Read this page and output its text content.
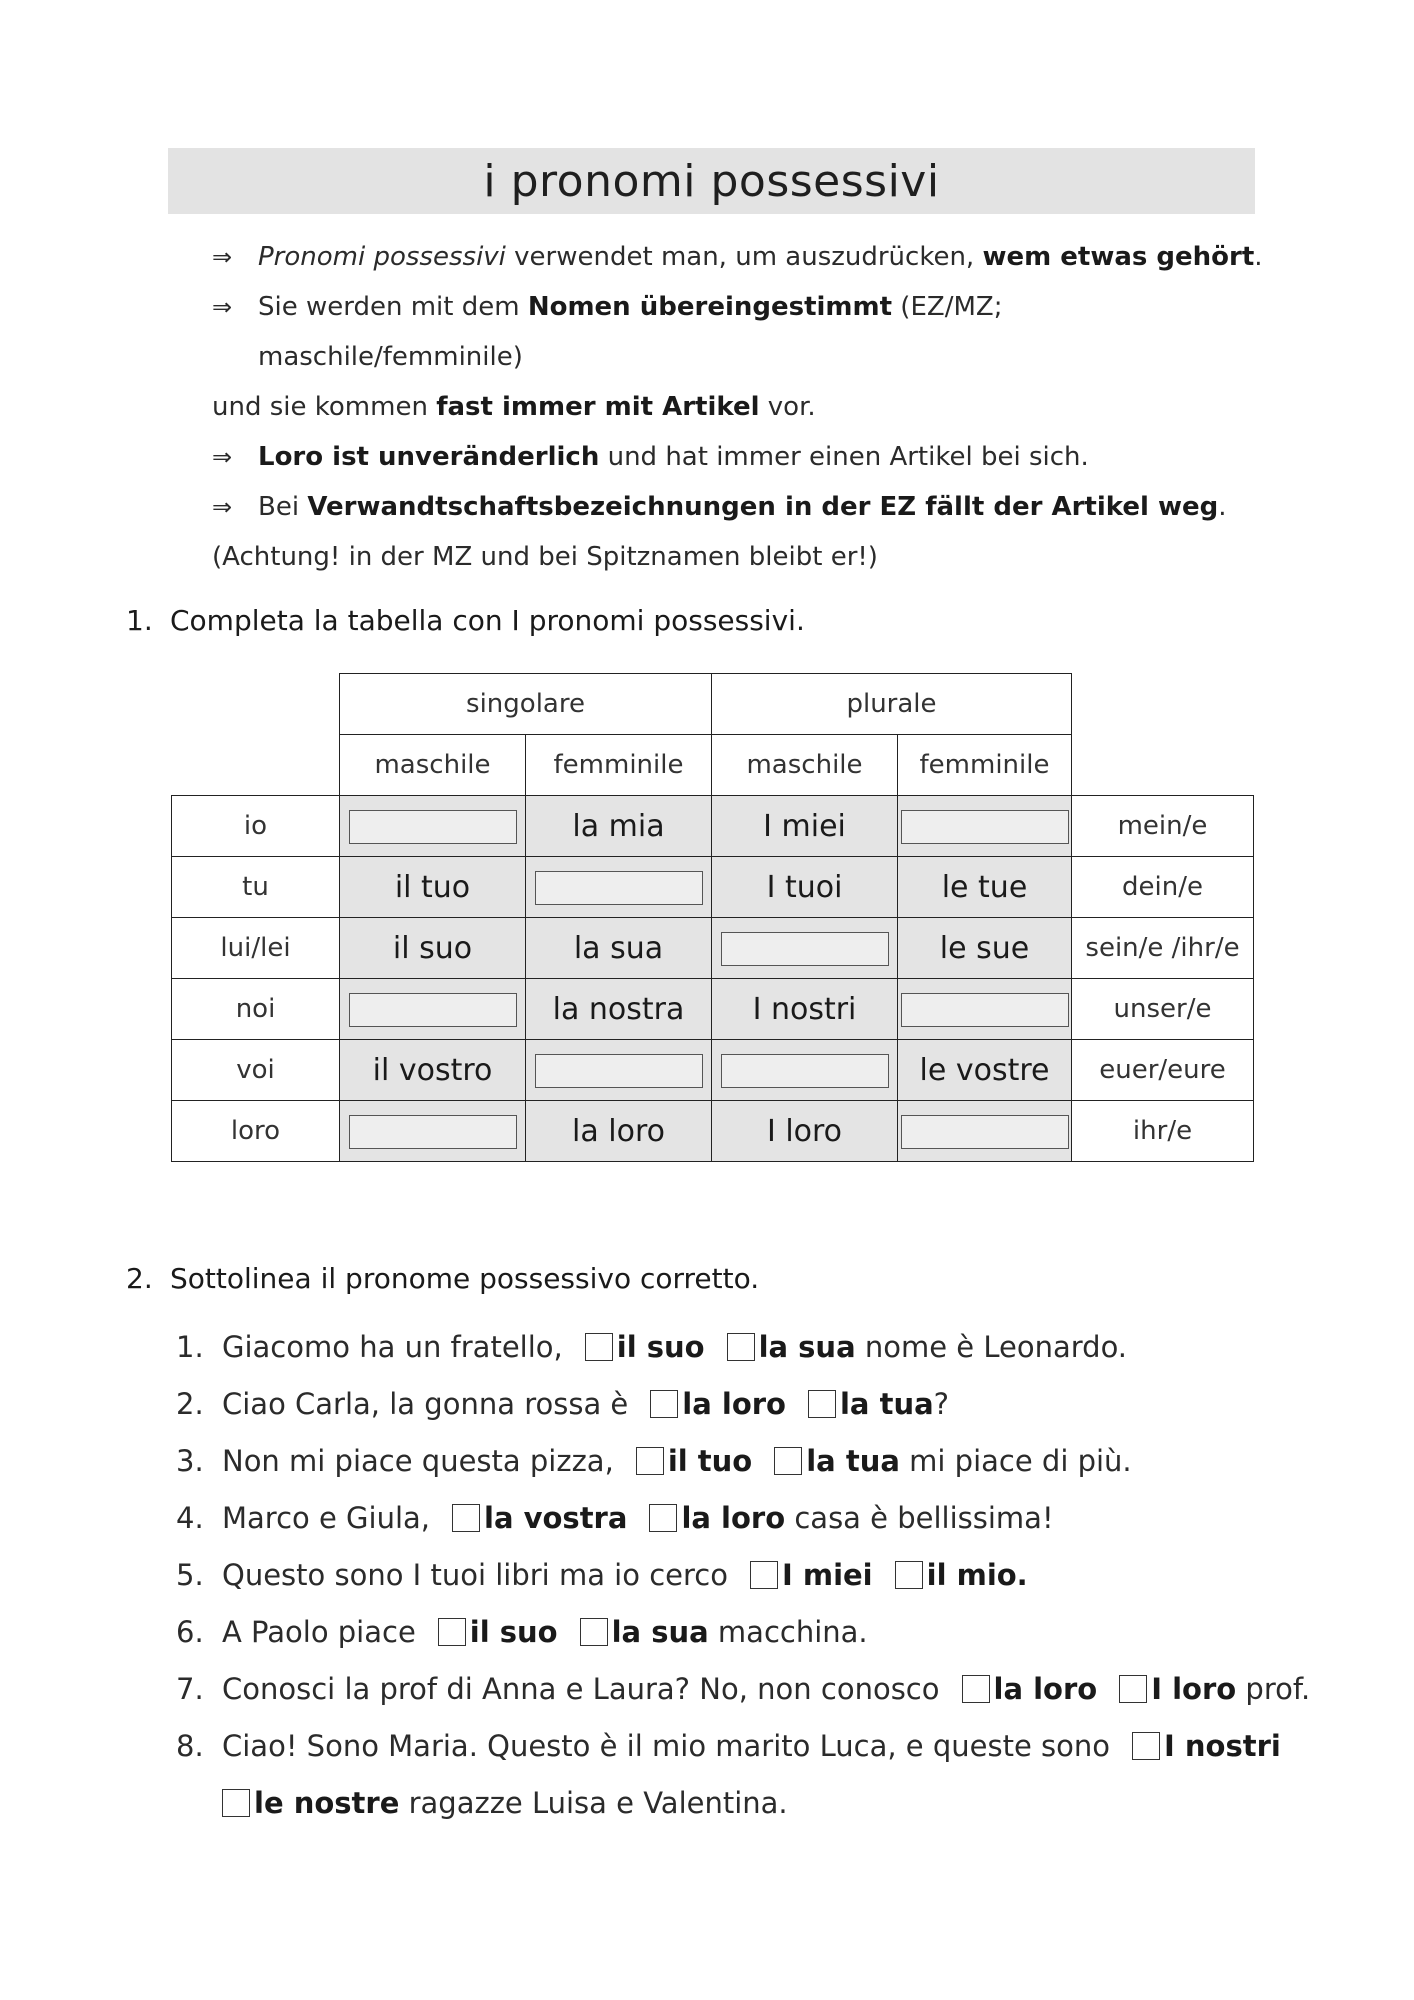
i pronomi possessivi
⇒ Pronomi possessivi verwendet man, um auszudrücken, wem etwas gehört.
⇒ Sie werden mit dem Nomen übereingestimmt (EZ/MZ; maschile/femminile)
und sie kommen fast immer mit Artikel vor.
⇒ Loro ist unveränderlich und hat immer einen Artikel bei sich.
⇒ Bei Verwandtschaftsbezeichnungen in der EZ fällt der Artikel weg.
(Achtung! in der MZ und bei Spitznamen bleibt er!)
1. Completa la tabella con I pronomi possessivi.
	singolare		plurale		
	maschile	femminile	maschile	femminile	
io		la mia	I miei		mein/e
tu	il tuo		I tuoi	le tue	dein/e
lui/lei	il suo	la sua		le sue	sein/e /ihr/e
noi		la nostra	I nostri		unser/e
voi	il vostro			le vostre	euer/eure
loro		la loro	I loro		ihr/e
2. Sottolinea il pronome possessivo corretto.
1. Giacomo ha un fratello, il suo la sua nome è Leonardo.
2. Ciao Carla, la gonna rossa è la loro la tua?
3. Non mi piace questa pizza, il tuo la tua mi piace di più.
4. Marco e Giula, la vostra la loro casa è bellissima!
5. Questo sono I tuoi libri ma io cerco I miei il mio.
6. A Paolo piace il suo la sua macchina.
7. Conosci la prof di Anna e Laura? No, non conosco la loro I loro prof.
8. Ciao! Sono Maria. Questo è il mio marito Luca, e queste sono I nostri
le nostre ragazze Luisa e Valentina.
